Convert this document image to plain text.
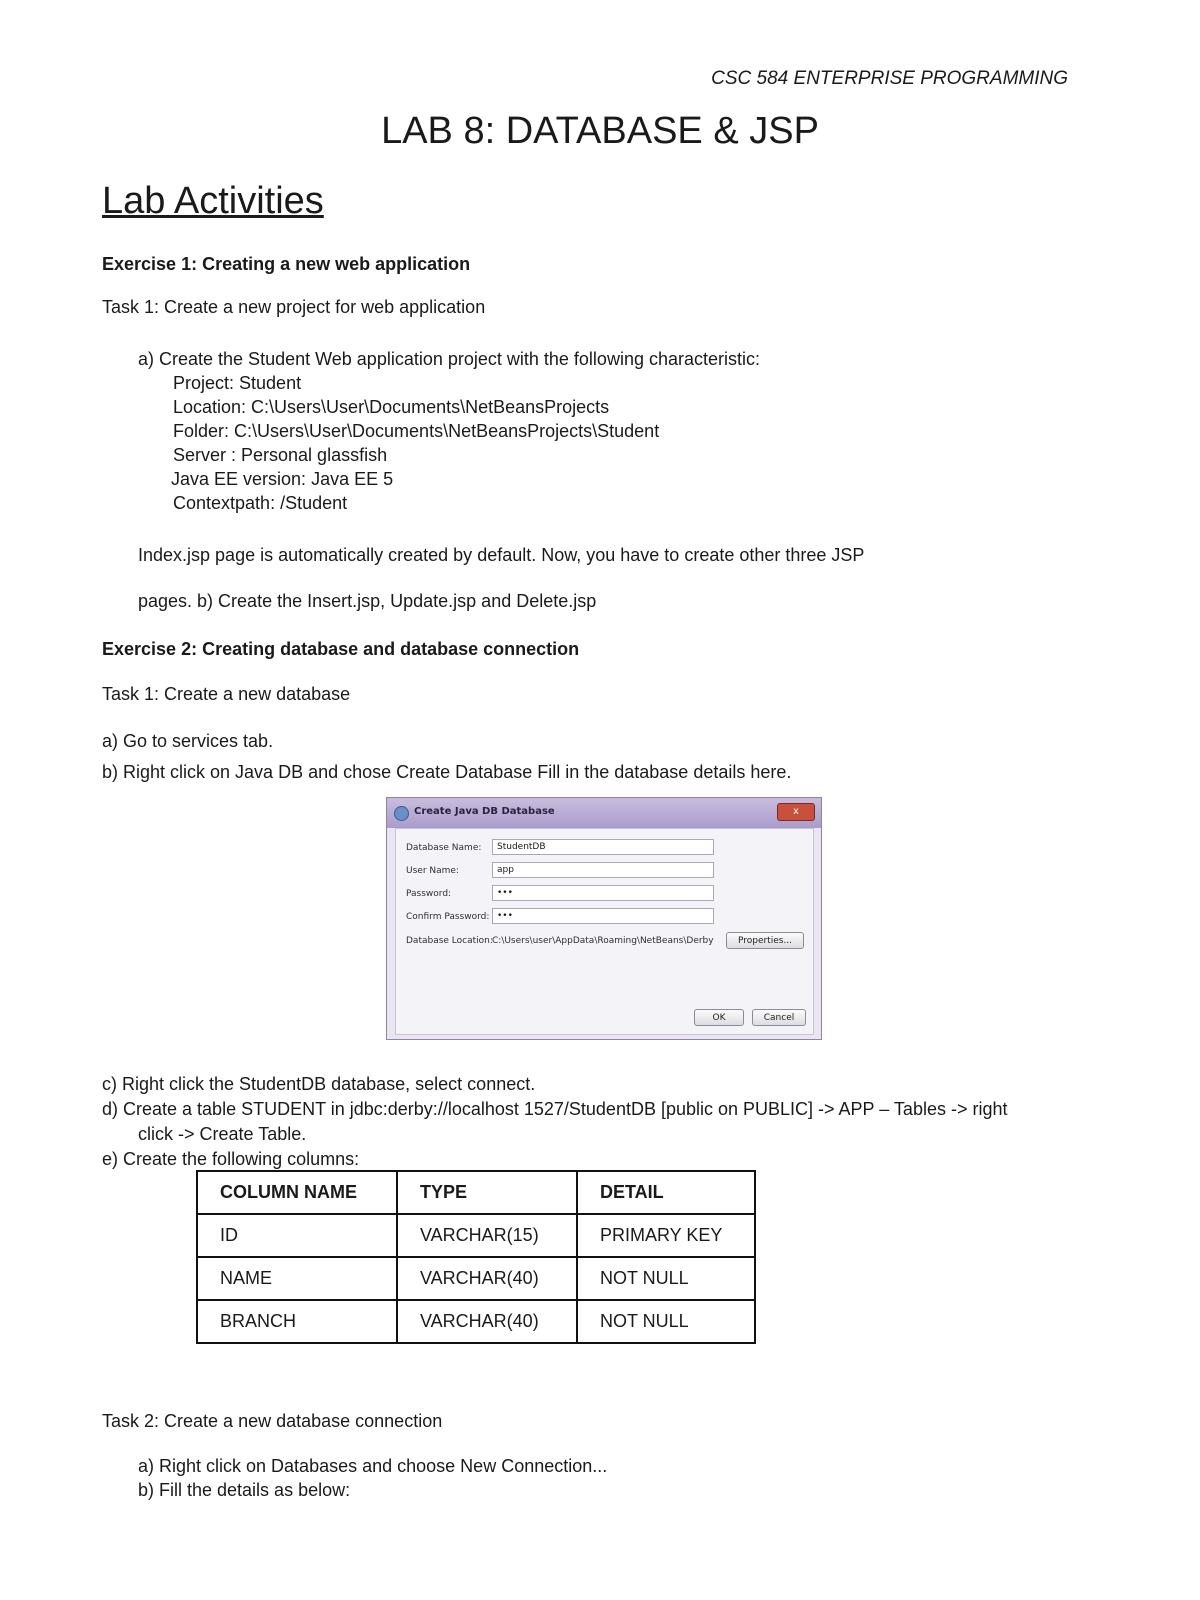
CSC 584 ENTERPRISE PROGRAMMING
LAB 8: DATABASE & JSP
Lab Activities
Exercise 1: Creating a new web application
Task 1: Create a new project for web application
a) Create the Student Web application project with the following characteristic:
Project: Student
Location: C:\Users\User\Documents\NetBeansProjects
Folder: C:\Users\User\Documents\NetBeansProjects\Student
Server : Personal glassfish
Java EE version: Java EE 5
Contextpath: /Student
Index.jsp page is automatically created by default. Now, you have to create other three JSP
pages. b) Create the Insert.jsp, Update.jsp and Delete.jsp
Exercise 2: Creating database and database connection
Task 1: Create a new database
a) Go to services tab.
b) Right click on Java DB and chose Create Database Fill in the database details here.
Create Java DB Database	x
Database Name:	StudentDB
User Name:	app
Password:	•••
Confirm Password: •••
Database Location: C:\Users\user\AppData\Roaming\NetBeans\Derby	Properties...
OK	Cancel
c) Right click the StudentDB database, select connect.
d) Create a table STUDENT in jdbc:derby://localhost 1527/StudentDB [public on PUBLIC] -> APP – Tables -> right
click -> Create Table.
e) Create the following columns:
COLUMN NAME	TYPE	DETAIL
ID	VARCHAR(15)	PRIMARY KEY
NAME	VARCHAR(40)	NOT NULL
BRANCH	VARCHAR(40)	NOT NULL
Task 2: Create a new database connection
a) Right click on Databases and choose New Connection...
b) Fill the details as below:
